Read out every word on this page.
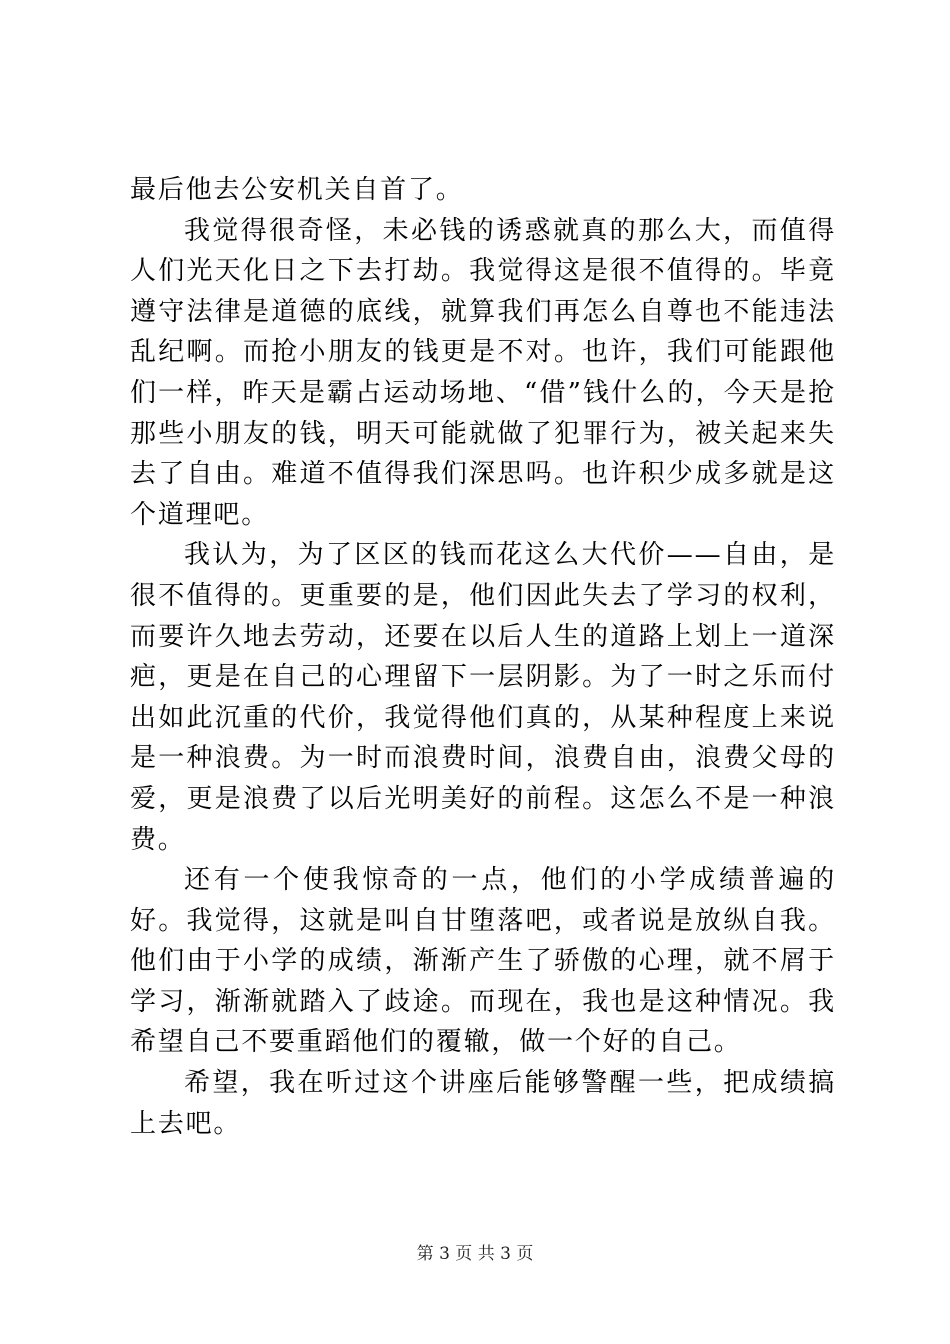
最后他去公安机关自首了。

我觉得很奇怪，未必钱的诱惑就真的那么大，而值得人们光天化日之下去打劫。我觉得这是很不值得的。毕竟遵守法律是道德的底线，就算我们再怎么自尊也不能违法乱纪啊。而抢小朋友的钱更是不对。也许，我们可能跟他们一样，昨天是霸占运动场地、“借”钱什么的，今天是抢那些小朋友的钱，明天可能就做了犯罪行为，被关起来失去了自由。难道不值得我们深思吗。也许积少成多就是这个道理吧。

我认为，为了区区的钱而花这么大代价——自由，是很不值得的。更重要的是，他们因此失去了学习的权利，而要许久地去劳动，还要在以后人生的道路上划上一道深疤，更是在自己的心理留下一层阴影。为了一时之乐而付出如此沉重的代价，我觉得他们真的，从某种程度上来说是一种浪费。为一时而浪费时间，浪费自由，浪费父母的爱，更是浪费了以后光明美好的前程。这怎么不是一种浪费。

还有一个使我惊奇的一点，他们的小学成绩普遍的好。我觉得，这就是叫自甘堕落吧，或者说是放纵自我。他们由于小学的成绩，渐渐产生了骄傲的心理，就不屑于学习，渐渐就踏入了歧途。而现在，我也是这种情况。我希望自己不要重蹈他们的覆辙，做一个好的自己。

希望，我在听过这个讲座后能够警醒一些，把成绩搞上去吧。

第 3 页 共 3 页
